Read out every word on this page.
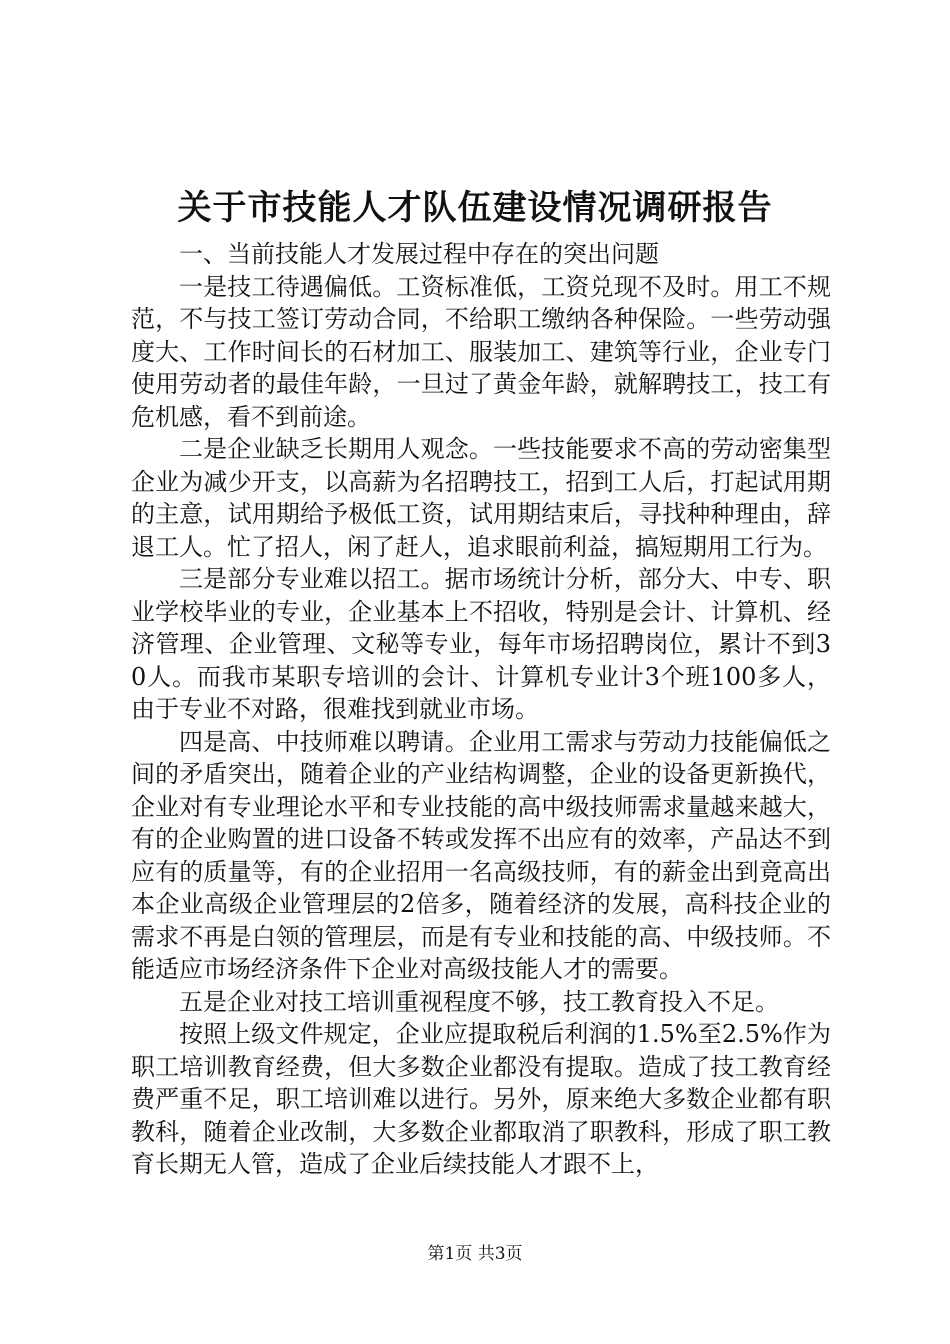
关于市技能人才队伍建设情况调研报告

一、当前技能人才发展过程中存在的突出问题

一是技工待遇偏低。工资标准低，工资兑现不及时。用工不规范，不与技工签订劳动合同，不给职工缴纳各种保险。一些劳动强度大、工作时间长的石材加工、服装加工、建筑等行业，企业专门使用劳动者的最佳年龄，一旦过了黄金年龄，就解聘技工，技工有危机感，看不到前途。

二是企业缺乏长期用人观念。一些技能要求不高的劳动密集型企业为减少开支，以高薪为名招聘技工，招到工人后，打起试用期的主意，试用期给予极低工资，试用期结束后，寻找种种理由，辞退工人。忙了招人，闲了赶人，追求眼前利益，搞短期用工行为。

三是部分专业难以招工。据市场统计分析，部分大、中专、职业学校毕业的专业，企业基本上不招收，特别是会计、计算机、经济管理、企业管理、文秘等专业，每年市场招聘岗位，累计不到30人。而我市某职专培训的会计、计算机专业计3个班100多人，由于专业不对路，很难找到就业市场。

四是高、中技师难以聘请。企业用工需求与劳动力技能偏低之间的矛盾突出，随着企业的产业结构调整，企业的设备更新换代，企业对有专业理论水平和专业技能的高中级技师需求量越来越大，有的企业购置的进口设备不转或发挥不出应有的效率，产品达不到应有的质量等，有的企业招用一名高级技师，有的薪金出到竟高出本企业高级企业管理层的2倍多，随着经济的发展，高科技企业的需求不再是白领的管理层，而是有专业和技能的高、中级技师。不能适应市场经济条件下企业对高级技能人才的需要。

五是企业对技工培训重视程度不够，技工教育投入不足。

按照上级文件规定，企业应提取税后利润的1.5%至2.5%作为职工培训教育经费，但大多数企业都没有提取。造成了技工教育经费严重不足，职工培训难以进行。另外，原来绝大多数企业都有职教科，随着企业改制，大多数企业都取消了职教科，形成了职工教育长期无人管，造成了企业后续技能人才跟不上，

第1页 共3页
